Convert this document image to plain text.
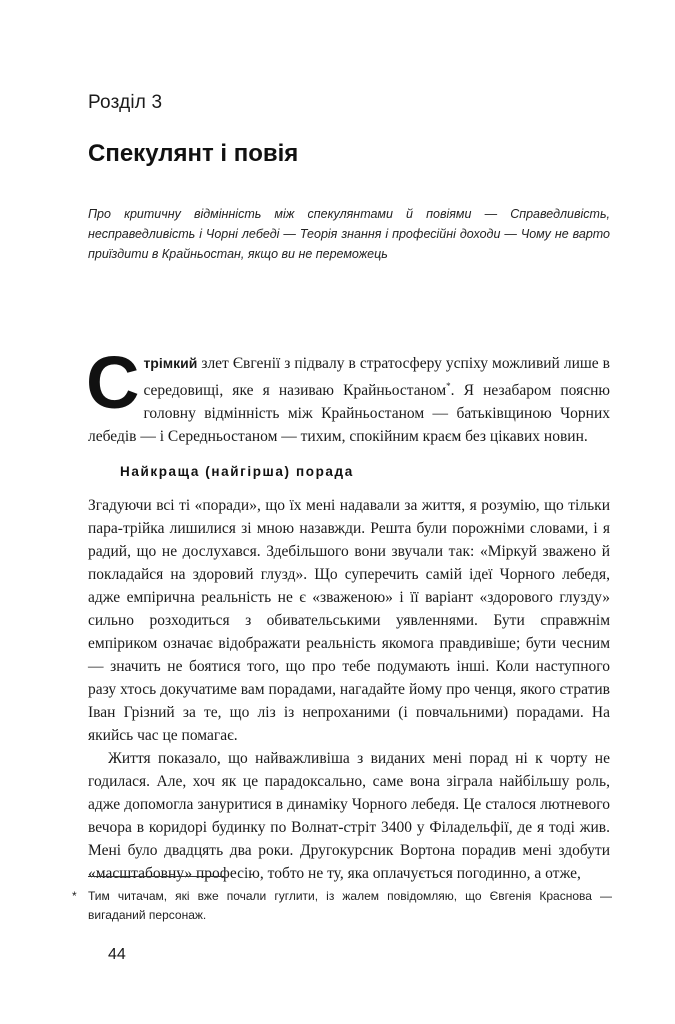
Розділ 3
Спекулянт і повія
Про критичну відмінність між спекулянтами й повіями — Справедливість, несправедливість і Чорні лебеді — Теорія знання і професійні доходи — Чому не варто приїздити в Крайньостан, якщо ви не переможець
Стрімкий злет Євгенії з підвалу в стратосферу успіху можливий лише в середовищі, яке я називаю Крайньостаном*. Я незабаром поясню головну відмінність між Крайньостаном — батьківщиною Чорних лебедів — і Середньостаном — тихим, спокійним краєм без цікавих новин.
Найкраща (найгірша) порада

Згадуючи всі ті «поради», що їх мені надавали за життя, я розумію, що тільки пара-трійка лишилися зі мною назавжди. Решта були порожніми словами, і я радий, що не дослухався. Здебільшого вони звучали так: «Міркуй зважено й покладайся на здоровий глузд». Що суперечить самій ідеї Чорного лебедя, адже емпірична реальність не є «зваженою» і її варіант «здорового глузду» сильно розходиться з обивательськими уявленнями. Бути справжнім емпіриком означає відображати реальність якомога правдивіше; бути чесним — значить не боятися того, що про тебе подумають інші. Коли наступного разу хтось докучатиме вам порадами, нагадайте йому про ченця, якого стратив Іван Грізний за те, що ліз із непроханими (і повчальними) порадами. На якийсь час це помагає.

Життя показало, що найважливіша з виданих мені порад ні к чорту не годилася. Але, хоч як це парадоксально, саме вона зіграла найбільшу роль, адже допомогла зануритися в динаміку Чорного лебедя. Це сталося лютневого вечора в коридорі будинку по Волнат-стріт 3400 у Філадельфії, де я тоді жив. Мені було двадцять два роки. Другокурсник Вортона порадив мені здобути «масштабовну» професію, тобто не ту, яка оплачується погодинно, а отже,

* Тим читачам, які вже почали гуглити, із жалем повідомляю, що Євгенія Краснова — вигаданий персонаж.
44
